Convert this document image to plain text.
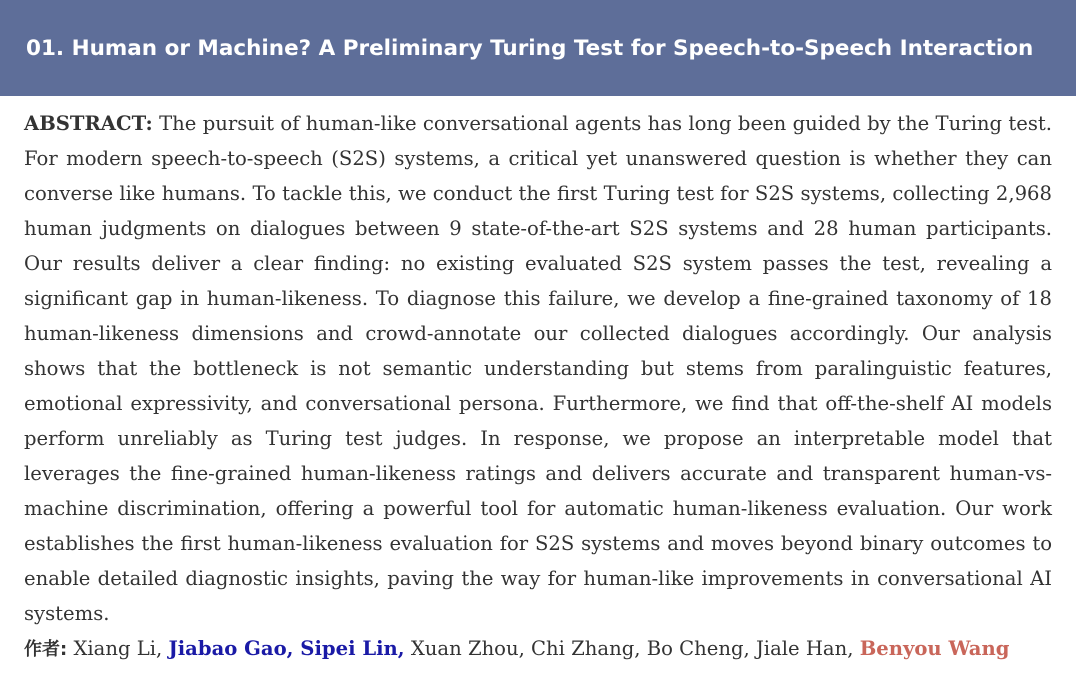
01. Human or Machine? A Preliminary Turing Test for Speech-to-Speech Interaction

ABSTRACT: The pursuit of human-like conversational agents has long been guided by the Turing test. For modern speech-to-speech (S2S) systems, a critical yet unanswered question is whether they can converse like humans. To tackle this, we conduct the first Turing test for S2S systems, collecting 2,968 human judgments on dialogues between 9 state-of-the-art S2S systems and 28 human participants. Our results deliver a clear finding: no existing evaluated S2S system passes the test, revealing a significant gap in human-likeness. To diagnose this failure, we develop a fine-grained taxonomy of 18 human-likeness dimensions and crowd-annotate our collected dialogues accordingly. Our analysis shows that the bottleneck is not semantic understanding but stems from paralinguistic features, emotional expressivity, and conversational persona. Furthermore, we find that off-the-shelf AI models perform unreliably as Turing test judges. In response, we propose an interpretable model that leverages the fine-grained human-likeness ratings and delivers accurate and transparent human-vs-machine discrimination, offering a powerful tool for automatic human-likeness evaluation. Our work establishes the first human-likeness evaluation for S2S systems and moves beyond binary outcomes to enable detailed diagnostic insights, paving the way for human-like improvements in conversational AI systems.

作者: Xiang Li, Jiabao Gao, Sipei Lin, Xuan Zhou, Chi Zhang, Bo Cheng, Jiale Han, Benyou Wang
